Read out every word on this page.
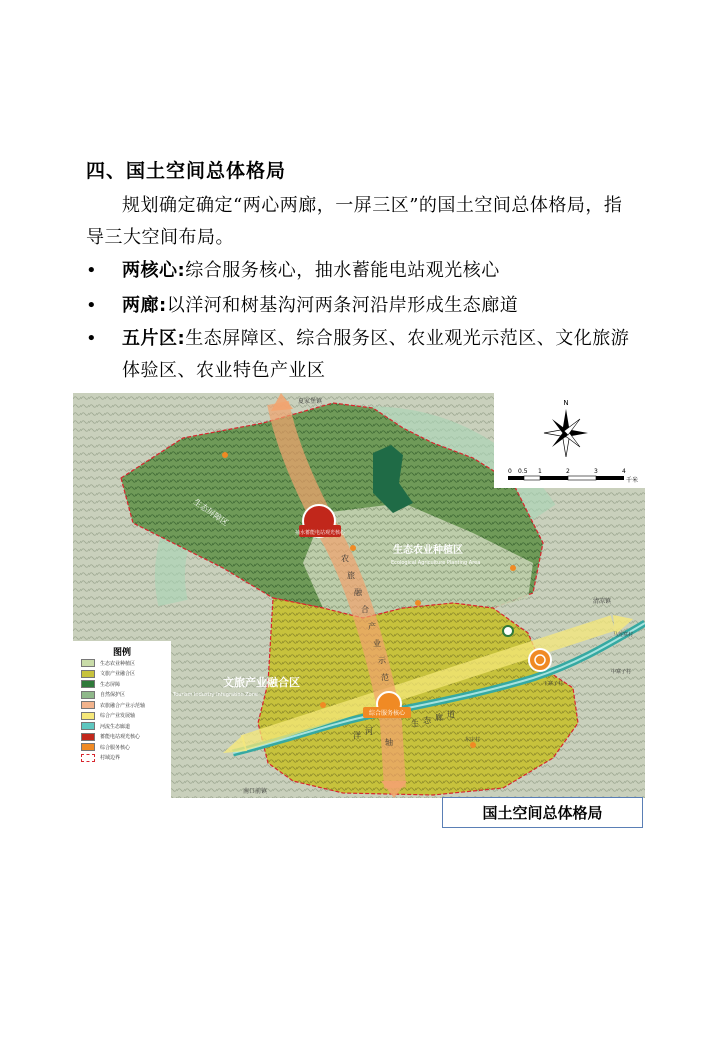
四、国土空间总体格局
规划确定确定“两心两廊，一屏三区”的国土空间总体格局，指导三大空间布局。
• 两核心:综合服务核心，抽水蓄能电站观光核心
• 两廊:以洋河和树基沟河两条河沿岸形成生态廊道
• 五片区:生态屏障区、综合服务区、农业观光示范区、文化旅游体验区、农业特色产业区
生态农业种植区
Ecological Agriculture Planting Area
文旅产业融合区
Tourism Industry Integration Zone
生态屏障区
农
旅
融
合
产
业
示
范
轴
洋 河
生 态 廊 道
抽水蓄能电站观光核心
综合服务核心
夏家堡镇
南口前镇
清凉镇
马莲寨村
中寨子村
下寨子村
东庄村
N
0 0.5 1	2	3	4
千米
图例
生态农业种植区
文旅产业融合区
生态屏障
自然保护区
农旅融合产业示范轴
综合产业发展轴
河流生态廊道
蓄能电站观光核心
综合服务核心
村域边界
国土空间总体格局
